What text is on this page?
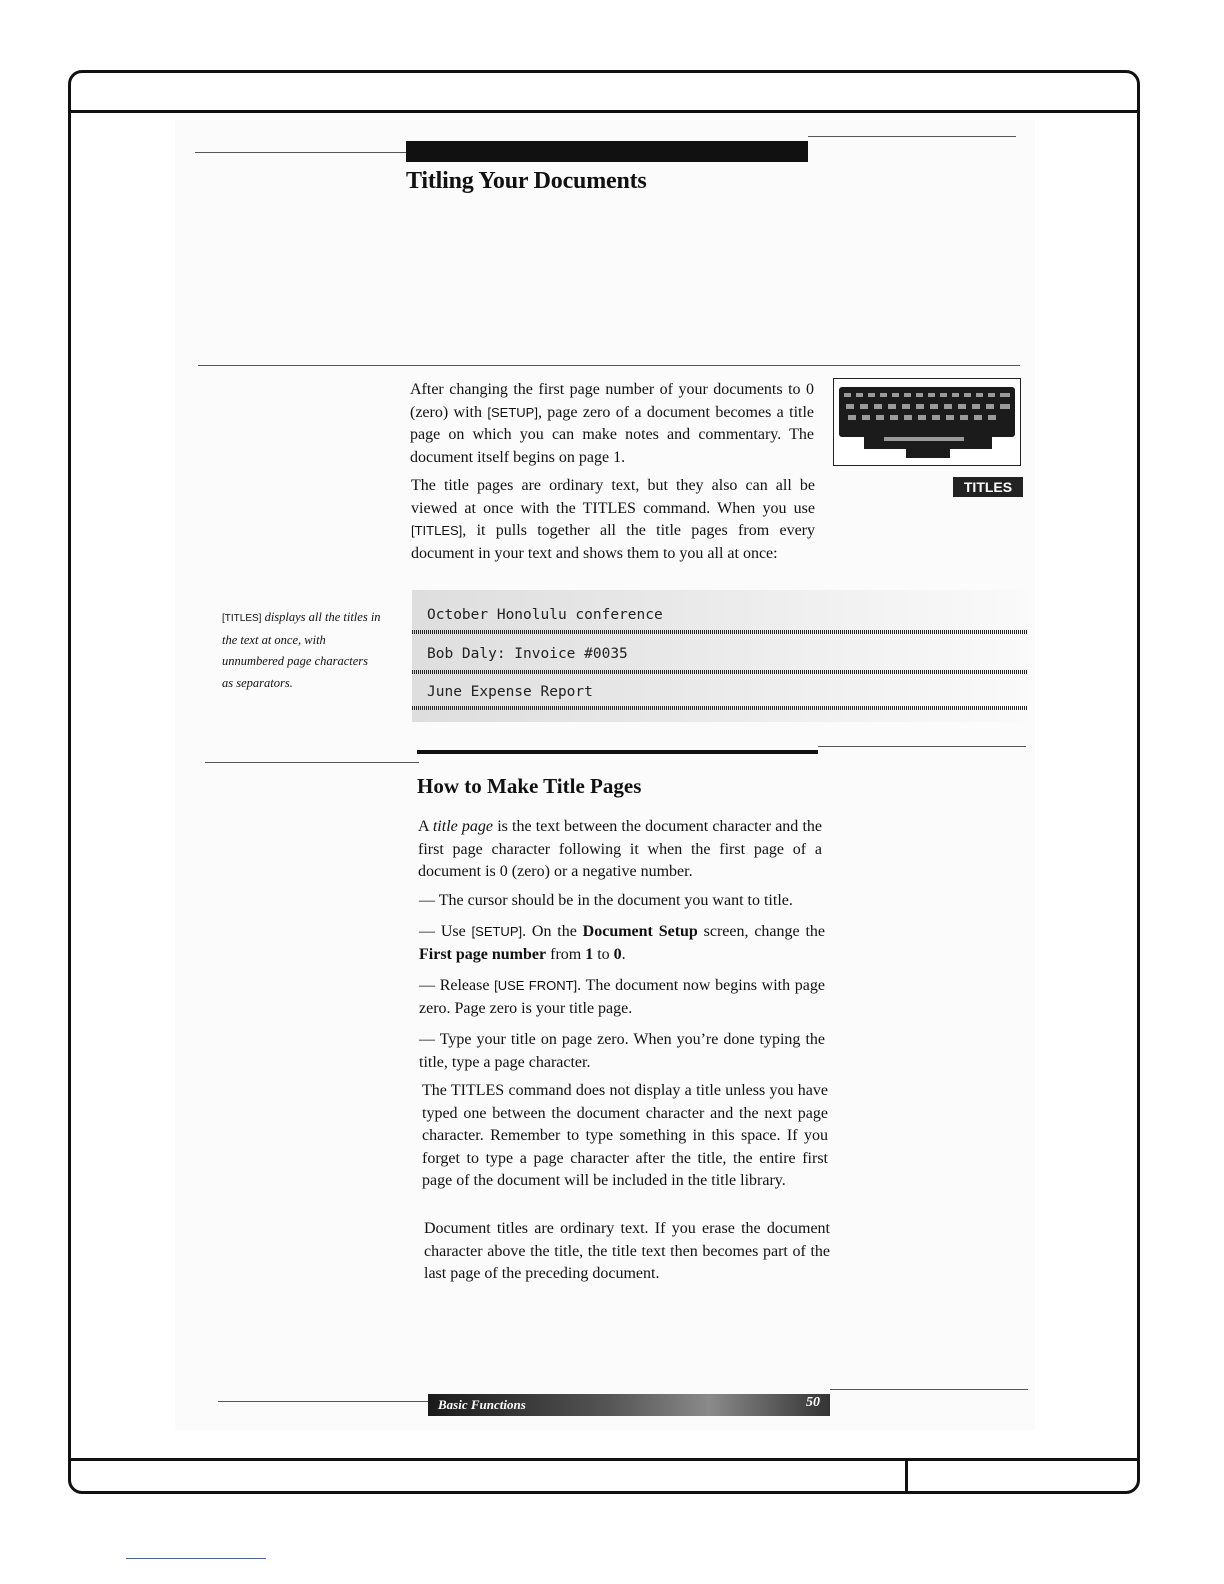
Titling Your Documents

After changing the first page number of your documents to 0 (zero) with [SETUP], page zero of a document becomes a title page on which you can make notes and commentary. The document itself begins on page 1.

The title pages are ordinary text, but they also can all be viewed at once with the TITLES command. When you use [TITLES], it pulls together all the title pages from every document in your text and shows them to you all at once:

TITLES
[TITLES] displays all the titles in the text at once, with unnumbered page characters as separators.
October Honolulu conference
Bob Daly: Invoice #0035
June Expense Report
How to Make Title Pages

A title page is the text between the document character and the first page character following it when the first page of a document is 0 (zero) or a negative number.

— The cursor should be in the document you want to title.

— Use [SETUP]. On the Document Setup screen, change the First page number from 1 to 0.

— Release [USE FRONT]. The document now begins with page zero. Page zero is your title page.

— Type your title on page zero. When you’re done typing the title, type a page character.

The TITLES command does not display a title unless you have typed one between the document character and the next page character. Remember to type something in this space. If you forget to type a page character after the title, the entire first page of the document will be included in the title library.

Document titles are ordinary text. If you erase the document character above the title, the title text then becomes part of the last page of the preceding document.

Basic Functions	50
